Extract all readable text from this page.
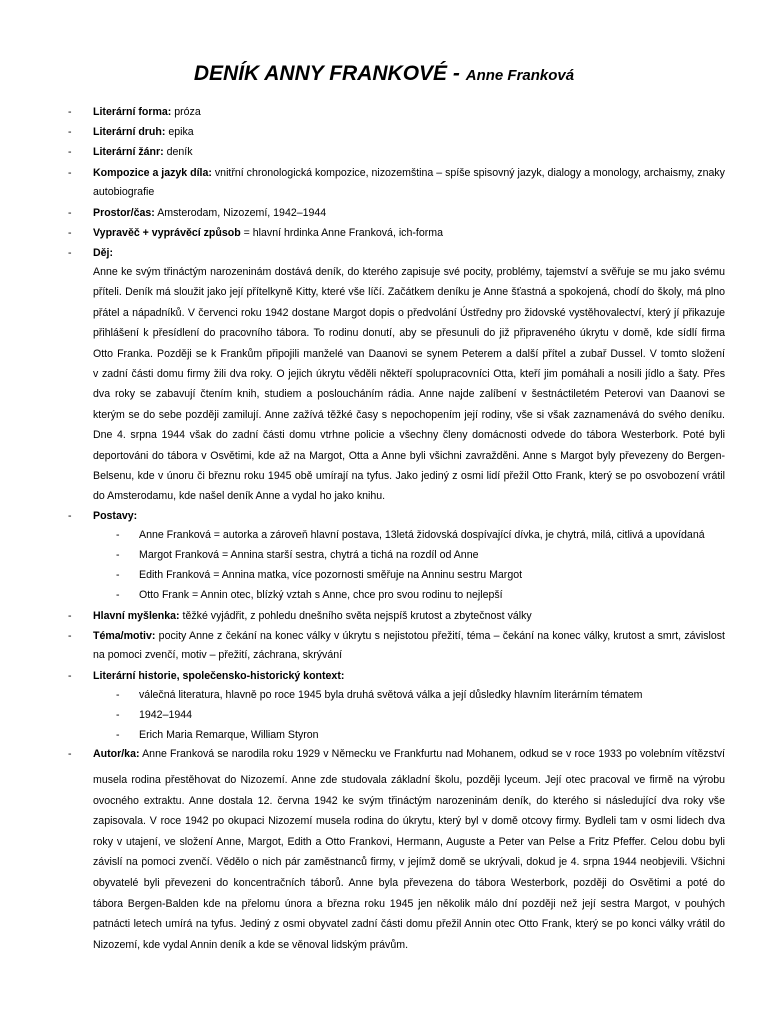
DENÍK ANNY FRANKOVÉ - Anne Franková
- Literární forma: próza
- Literární druh: epika
- Literární žánr: deník
- Kompozice a jazyk díla: vnitřní chronologická kompozice, nizozemština – spíše spisovný jazyk, dialogy a monology, archaismy, znaky
autobiografie
- Prostor/čas: Amsterodam, Nizozemí, 1942–1944
- Vypravěč + vyprávěcí způsob = hlavní hrdinka Anne Franková, ich-forma
- Děj:
Anne ke svým třináctým narozeninám dostává deník, do kterého zapisuje své pocity, problémy, tajemství a svěřuje se mu jako svému
příteli. Deník má sloužit jako její přítelkyně Kitty, které vše líčí. Začátkem deníku je Anne šťastná a spokojená, chodí do školy, má plno
přátel a nápadníků. V červenci roku 1942 dostane Margot dopis o předvolání Ústředny pro židovské vystěhovalectví, který jí přikazuje
přihlášení k přesídlení do pracovního tábora. To rodinu donutí, aby se přesunuli do již připraveného úkrytu v domě, kde sídlí firma
Otto Franka. Později se k Frankům připojili manželé van Daanovi se synem Peterem a další přítel a zubař Dussel. V tomto složení
v zadní části domu firmy žili dva roky. O jejich úkrytu věděli někteří spolupracovníci Otta, kteří jim pomáhali a nosili jídlo a šaty. Přes
dva roky se zabavují čtením knih, studiem a posloucháním rádia. Anne najde zalíbení v šestnáctiletém Peterovi van Daanovi se
kterým se do sebe později zamilují. Anne zažívá těžké časy s nepochopením její rodiny, vše si však zaznamenává do svého deníku.
Dne 4. srpna 1944 však do zadní části domu vtrhne policie a všechny členy domácnosti odvede do tábora Westerbork. Poté byli
deportováni do tábora v Osvětimi, kde až na Margot, Otta a Anne byli všichni zavražděni. Anne s Margot byly převezeny do Bergen-
Belsenu, kde v únoru či březnu roku 1945 obě umírají na tyfus. Jako jediný z osmi lidí přežil Otto Frank, který se po osvobození vrátil
do Amsterodamu, kde našel deník Anne a vydal ho jako knihu.
- Postavy:
- Anne Franková = autorka a zároveň hlavní postava, 13letá židovská dospívající dívka, je chytrá, milá, citlivá a upovídaná
- Margot Franková = Annina starší sestra, chytrá a tichá na rozdíl od Anne
- Edith Franková = Annina matka, více pozornosti směřuje na Anninu sestru Margot
- Otto Frank = Annin otec, blízký vztah s Anne, chce pro svou rodinu to nejlepší
- Hlavní myšlenka: těžké vyjádřit, z pohledu dnešního světa nejspíš krutost a zbytečnost války
- Téma/motiv: pocity Anne z čekání na konec války v úkrytu s nejistotou přežití, téma – čekání na konec války, krutost a smrt, závislost
na pomoci zvenčí, motiv – přežití, záchrana, skrývání
- Literární historie, společensko-historický kontext:
- válečná literatura, hlavně po roce 1945 byla druhá světová válka a její důsledky hlavním literárním tématem
- 1942–1944
- Erich Maria Remarque, William Styron
- Autor/ka: Anne Franková se narodila roku 1929 v Německu ve Frankfurtu nad Mohanem, odkud se v roce 1933 po volebním vítězství
musela rodina přestěhovat do Nizozemí. Anne zde studovala základní školu, později lyceum. Její otec pracoval ve firmě na výrobu
ovocného extraktu. Anne dostala 12. června 1942 ke svým třináctým narozeninám deník, do kterého si následující dva roky vše
zapisovala. V roce 1942 po okupaci Nizozemí musela rodina do úkrytu, který byl v domě otcovy firmy. Bydleli tam v osmi lidech dva
roky v utajení, ve složení Anne, Margot, Edith a Otto Frankovi, Hermann, Auguste a Peter van Pelse a Fritz Pfeffer. Celou dobu byli
závislí na pomoci zvenčí. Vědělo o nich pár zaměstnanců firmy, v jejímž domě se ukrývali, dokud je 4. srpna 1944 neobjevili. Všichni
obyvatelé byli převezeni do koncentračních táborů. Anne byla převezena do tábora Westerbork, později do Osvětimi a poté do
tábora Bergen-Balden kde na přelomu února a března roku 1945 jen několik málo dní později než její sestra Margot, v pouhých
patnácti letech umírá na tyfus. Jediný z osmi obyvatel zadní části domu přežil Annin otec Otto Frank, který se po konci války vrátil do
Nizozemí, kde vydal Annin deník a kde se věnoval lidským právům.
